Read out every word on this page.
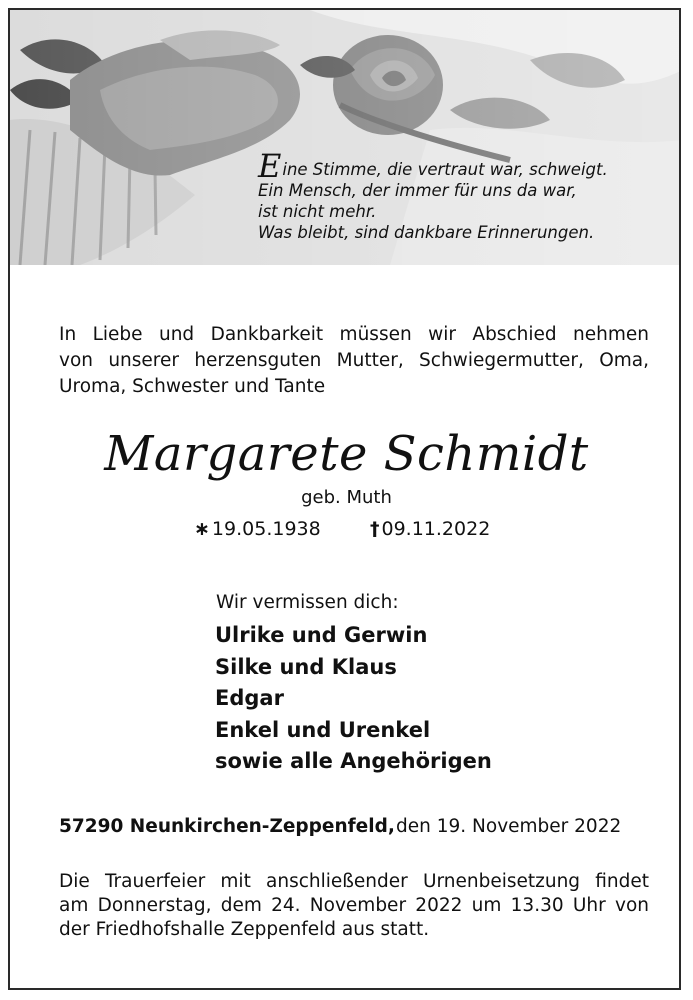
Eine Stimme, die vertraut war, schweigt.
Ein Mensch, der immer für uns da war,
ist nicht mehr.
Was bleibt, sind dankbare Erinnerungen.
In Liebe und Dankbarkeit müssen wir Abschied nehmen
von unserer herzensguten Mutter, Schwiegermutter, Oma,
Uroma, Schwester und Tante
Margarete Schmidt
geb. Muth
∗ 19.05.1938	† 09.11.2022
Wir vermissen dich:
Ulrike und Gerwin
Silke und Klaus
Edgar
Enkel und Urenkel
sowie alle Angehörigen
57290 Neunkirchen-Zeppenfeld, den 19. November 2022
Die Trauerfeier mit anschließender Urnenbeisetzung findet
am Donnerstag, dem 24. November 2022 um 13.30 Uhr von
der Friedhofshalle Zeppenfeld aus statt.
